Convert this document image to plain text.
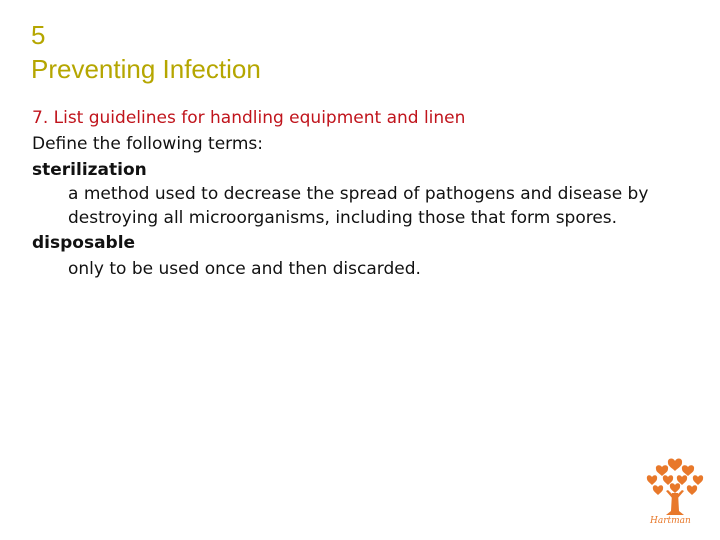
5
Preventing Infection
7. List guidelines for handling equipment and linen
Define the following terms:
sterilization
a method used to decrease the spread of pathogens and disease by destroying all microorganisms, including those that form spores.
disposable
only to be used once and then discarded.
Hartman
